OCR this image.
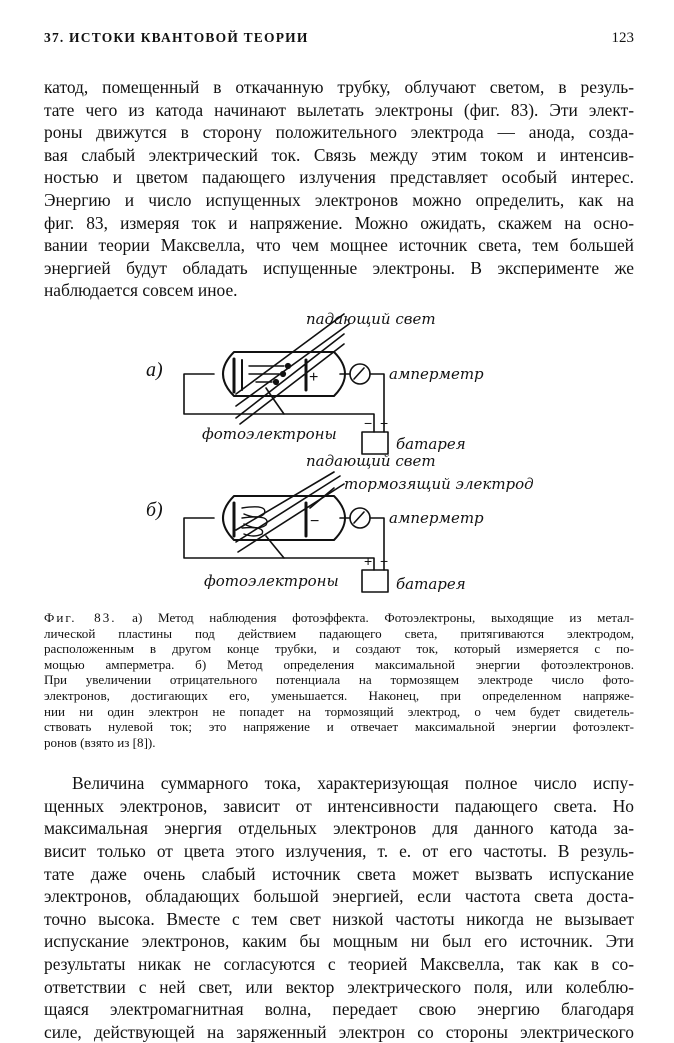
37. ИСТОКИ КВАНТОВОЙ ТЕОРИИ	123

катод, помещенный в откачанную трубку, облучают светом, в резуль-
тате чего из катода начинают вылетать электроны (фиг. 83). Эти элект-
роны движутся в сторону положительного электрода — анода, созда-
вая слабый электрический ток. Связь между этим током и интенсив-
ностью и цветом падающего излучения представляет особый интерес.
Энергию и число испущенных электронов можно определить, как на
фиг. 83, измеряя ток и напряжение. Можно ожидать, скажем на осно-
вании теории Максвелла, что чем мощнее источник света, тем большей
энергией будут обладать испущенные электроны. В эксперименте же
наблюдается совсем иное.

а)
падающий свет
+	амперметр
− +
батарея
фотоэлектроны
б)
падающий свет
тормозящий электрод
−	амперметр
+ −
батарея
фотоэлектроны
Фиг. 83. а) Метод наблюдения фотоэффекта. Фотоэлектроны, выходящие из метал-
лической пластины под действием падающего света, притягиваются электродом,
расположенным в другом конце трубки, и создают ток, который измеряется с по-
мощью амперметра. б) Метод определения максимальной энергии фотоэлектронов.
При увеличении отрицательного потенциала на тормозящем электроде число фото-
электронов, достигающих его, уменьшается. Наконец, при определенном напряже-
нии ни один электрон не попадет на тормозящий электрод, о чем будет свидетель-
ствовать нулевой ток; это напряжение и отвечает максимальной энергии фотоэлект-
ронов (взято из [8]).

Величина суммарного тока, характеризующая полное число испу-
щенных электронов, зависит от интенсивности падающего света. Но
максимальная энергия отдельных электронов для данного катода за-
висит только от цвета этого излучения, т. е. от его частоты. В резуль-
тате даже очень слабый источник света может вызвать испускание
электронов, обладающих большой энергией, если частота света доста-
точно высока. Вместе с тем свет низкой частоты никогда не вызывает
испускание электронов, каким бы мощным ни был его источник. Эти
результаты никак не согласуются с теорией Максвелла, так как в со-
ответствии с ней свет, или вектор электрического поля, или колеблю-
щаяся электромагнитная волна, передает свою энергию благодаря
силе, действующей на заряженный электрон со стороны электрического
